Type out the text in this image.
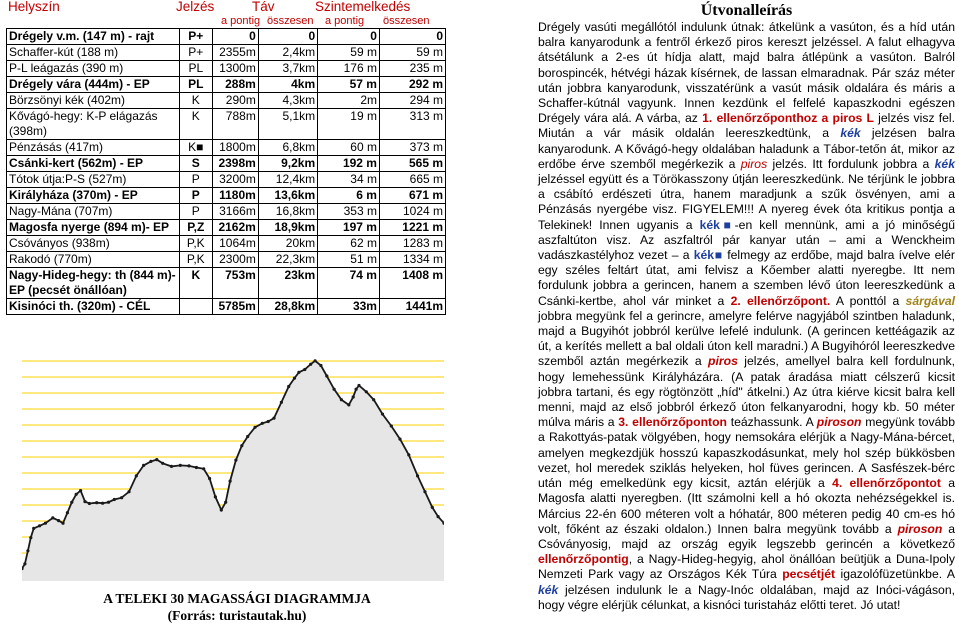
Helyszín	Jelzés	Táv	Szintemelkedés
a pontig összesen a pontig összesen
Drégely v.m. (147 m) - rajt	P+	0	0	0	0
Schaffer-kút (188 m)	P+	2355m	2,4km	59 m	59 m
P-L leágazás (390 m)	PL	1300m	3,7km	176 m	235 m
Drégely vára (444m) - EP	PL	288m	4km	57 m	292 m
Börzsönyi kék (402m)	K	290m	4,3km	2m	294 m
Kővágó-hegy: K-P elágazás (398m)	K	788m	5,1km	19 m	313 m
Pénzásás (417m)	K■	1800m	6,8km	60 m	373 m
Csánki-kert (562m) - EP	S	2398m	9,2km	192 m	565 m
Tótok útja:P-S (527m)	P	3200m	12,4km	34 m	665 m
Királyháza (370m) - EP	P	1180m	13,6km	6 m	671 m
Nagy-Mána (707m)	P	3166m	16,8km	353 m	1024 m
Magosfa nyerge (894 m)- EP	P,Z	2162m	18,9km	197 m	1221 m
Csóványos (938m)	P,K	1064m	20km	62 m	1283 m
Rakodó (770m)	P,K	2300m	22,3km	51 m	1334 m
Nagy-Hideg-hegy: th (844 m)-EP (pecsét önállóan)	K	753m	23km	74 m	1408 m
Kisinóci th. (320m) - CÉL		5785m	28,8km	33m	1441m
A TELEKI 30 MAGASSÁGI DIAGRAMMJA
(Forrás: turistautak.hu)
Útvonalleírás

Drégely vasúti megállótól indulunk útnak: átkelünk a vasúton, és a híd után balra kanyarodunk a fentről érkező piros kereszt jelzéssel. A falut elhagyva átsétálunk a 2-es út hídja alatt, majd balra átlépünk a vasúton. Balról borospincék, hétvégi házak kísérnek, de lassan elmaradnak. Pár száz méter után jobbra kanyarodunk, visszatérünk a vasút másik oldalára és máris a Schaffer-kútnál vagyunk. Innen kezdünk el felfelé kapaszkodni egészen Drégely vára alá. A várba, az 1. ellenőrzőponthoz a piros L jelzés visz fel. Miután a vár másik oldalán leereszkedtünk, a kék jelzésen balra kanyarodunk. A Kővágó-hegy oldalában haladunk a Tábor-tetőn át, mikor az erdőbe érve szemből megérkezik a piros jelzés. Itt fordulunk jobbra a kék jelzéssel együtt és a Törökasszony útján leereszkedünk. Ne térjünk le jobbra a csábító erdészeti útra, hanem maradjunk a szűk ösvényen, ami a Pénzásás nyergébe visz. FIGYELEM!!! A nyereg évek óta kritikus pontja a Telekinek! Innen ugyanis a kék■-en kell mennünk, ami a jó minőségű aszfaltúton visz. Az aszfaltról pár kanyar után – ami a Wenckheim vadászkastélyhoz vezet – a kék■ felmegy az erdőbe, majd balra ívelve elér egy széles feltárt útat, ami felvisz a Kőember alatti nyeregbe. Itt nem fordulunk jobbra a gerincen, hanem a szemben lévő úton leereszkedünk a Csánki-kertbe, ahol vár minket a 2. ellenőrzőpont. A ponttól a sárgával jobbra megyünk fel a gerincre, amelyre felérve nagyjából szintben haladunk, majd a Bugyihót jobbról kerülve lefelé indulunk. (A gerincen kettéágazik az út, a kerítés mellett a bal oldali úton kell maradni.) A Bugyihóról leereszkedve szemből aztán megérkezik a piros jelzés, amellyel balra kell fordulnunk, hogy lemehessünk Királyházára. (A patak áradása miatt célszerű kicsit jobbra tartani, és egy rögtönzött „híd" átkelni.) Az útra kiérve kicsit balra kell menni, majd az első jobbról érkező úton felkanyarodni, hogy kb. 50 méter múlva máris a 3. ellenőrzőponton teázhassunk. A piroson megyünk tovább a Rakottyás-patak völgyében, hogy nemsokára elérjük a Nagy-Mána-bércet, amelyen megkezdjük hosszú kapaszkodásunkat, mely hol szép bükkösben vezet, hol meredek sziklás helyeken, hol füves gerincen. A Sasfészek-bérc után még emelkedünk egy kicsit, aztán elérjük a 4. ellenőrzőpontot a Magosfa alatti nyeregben. (Itt számolni kell a hó okozta nehézségekkel is. Március 22-én 600 méteren volt a hóhatár, 800 méteren pedig 40 cm-es hó volt, főként az északi oldalon.) Innen balra megyünk tovább a piroson a Csóványosig, majd az ország egyik legszebb gerincén a következő ellenőrzőpontig, a Nagy-Hideg-hegyig, ahol önállóan beütjük a Duna-Ipoly Nemzeti Park vagy az Országos Kék Túra pecsétjét igazolófüzetünkbe. A kék jelzésen indulunk le a Nagy-Inóc oldalában, majd az Inóci-vágáson, hogy végre elérjük célunkat, a kisnóci turistaház előtti teret. Jó utat!
